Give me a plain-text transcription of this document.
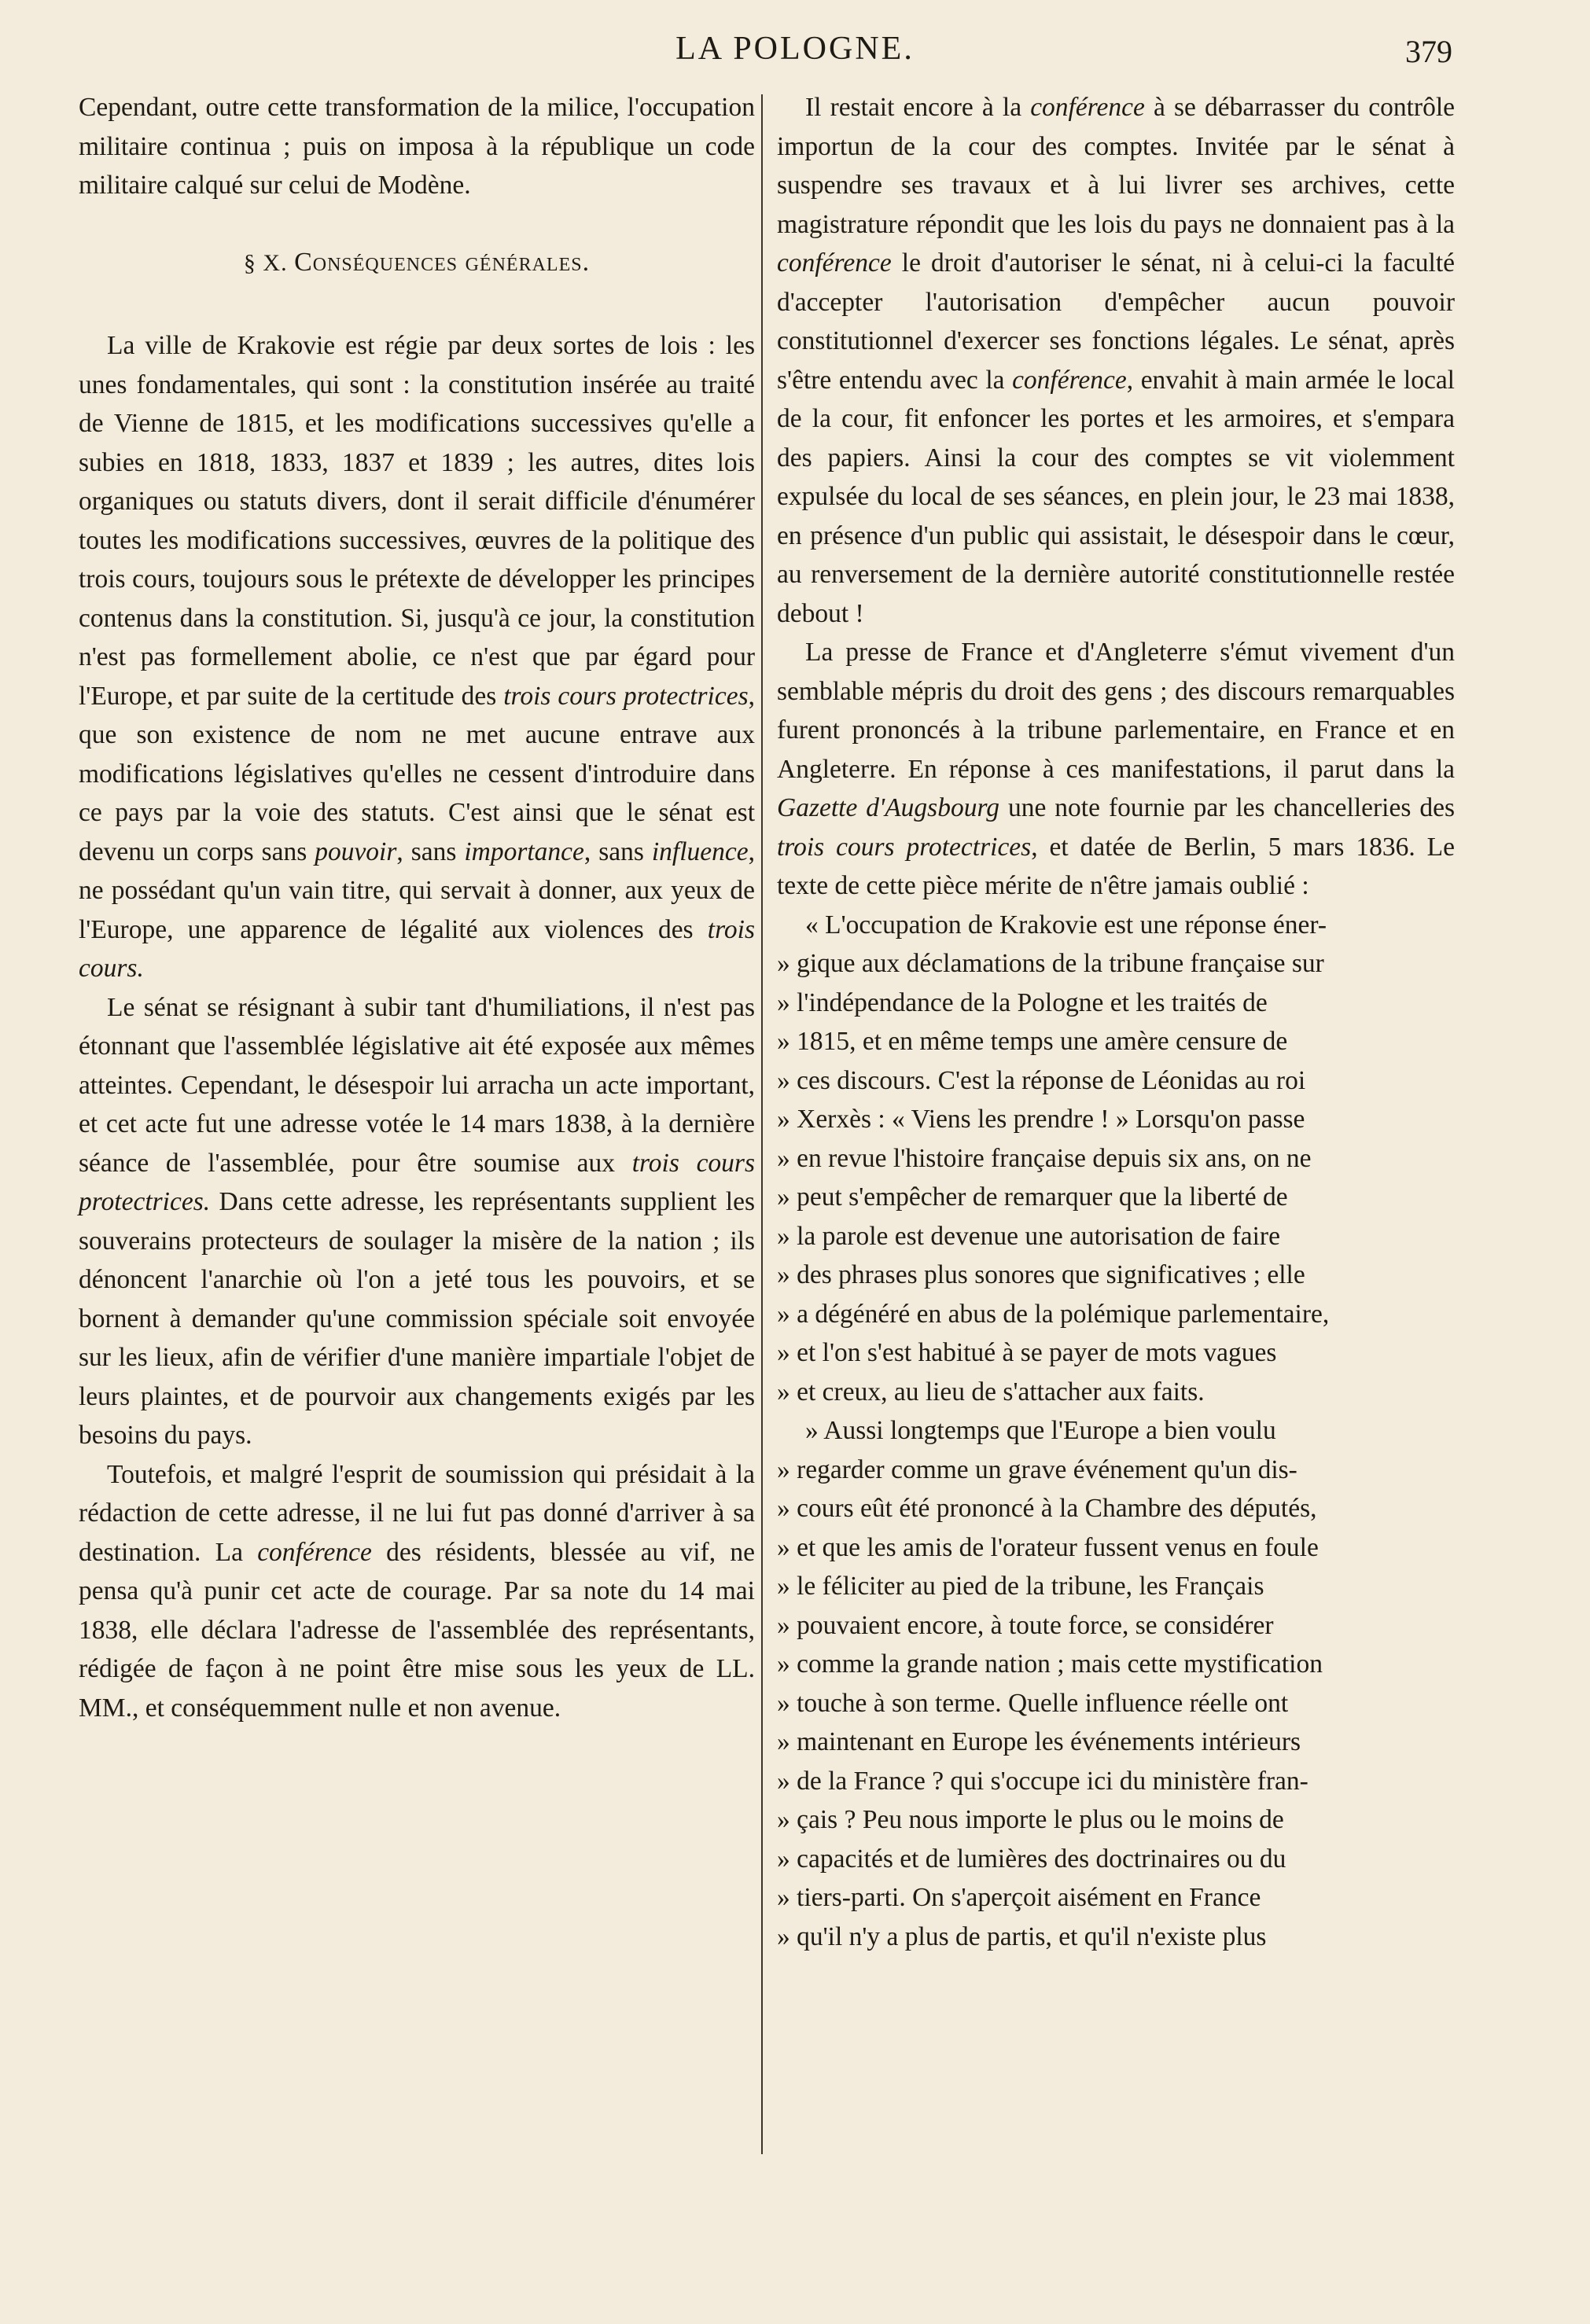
LA POLOGNE.	379

Cependant, outre cette transformation de la milice, l'occupation militaire continua ; puis on imposa à la république un code militaire calqué sur celui de Modène.

§ X. Conséquences générales.

La ville de Krakovie est régie par deux sortes de lois : les unes fondamentales, qui sont : la constitution insérée au traité de Vienne de 1815, et les modifications successives qu'elle a subies en 1818, 1833, 1837 et 1839 ; les autres, dites lois organiques ou statuts divers, dont il serait difficile d'énumérer toutes les modifications successives, œuvres de la politique des trois cours, toujours sous le prétexte de développer les principes contenus dans la constitution. Si, jusqu'à ce jour, la constitution n'est pas formellement abolie, ce n'est que par égard pour l'Europe, et par suite de la certitude des trois cours protectrices, que son existence de nom ne met aucune entrave aux modifications législatives qu'elles ne cessent d'introduire dans ce pays par la voie des statuts. C'est ainsi que le sénat est devenu un corps sans pouvoir, sans importance, sans influence, ne possédant qu'un vain titre, qui servait à donner, aux yeux de l'Europe, une apparence de légalité aux violences des trois cours.

Le sénat se résignant à subir tant d'humiliations, il n'est pas étonnant que l'assemblée législative ait été exposée aux mêmes atteintes. Cependant, le désespoir lui arracha un acte important, et cet acte fut une adresse votée le 14 mars 1838, à la dernière séance de l'assemblée, pour être soumise aux trois cours protectrices. Dans cette adresse, les représentants supplient les souverains protecteurs de soulager la misère de la nation ; ils dénoncent l'anarchie où l'on a jeté tous les pouvoirs, et se bornent à demander qu'une commission spéciale soit envoyée sur les lieux, afin de vérifier d'une manière impartiale l'objet de leurs plaintes, et de pourvoir aux changements exigés par les besoins du pays.

Toutefois, et malgré l'esprit de soumission qui présidait à la rédaction de cette adresse, il ne lui fut pas donné d'arriver à sa destination. La conférence des résidents, blessée au vif, ne pensa qu'à punir cet acte de courage. Par sa note du 14 mai 1838, elle déclara l'adresse de l'assemblée des représentants, rédigée de façon à ne point être mise sous les yeux de LL. MM., et conséquemment nulle et non avenue.

Il restait encore à la conférence à se débarrasser du contrôle importun de la cour des comptes. Invitée par le sénat à suspendre ses travaux et à lui livrer ses archives, cette magistrature répondit que les lois du pays ne donnaient pas à la conférence le droit d'autoriser le sénat, ni à celui-ci la faculté d'accepter l'autorisation d'empêcher aucun pouvoir constitutionnel d'exercer ses fonctions légales. Le sénat, après s'être entendu avec la conférence, envahit à main armée le local de la cour, fit enfoncer les portes et les armoires, et s'empara des papiers. Ainsi la cour des comptes se vit violemment expulsée du local de ses séances, en plein jour, le 23 mai 1838, en présence d'un public qui assistait, le désespoir dans le cœur, au renversement de la dernière autorité constitutionnelle restée debout !

La presse de France et d'Angleterre s'émut vivement d'un semblable mépris du droit des gens ; des discours remarquables furent prononcés à la tribune parlementaire, en France et en Angleterre. En réponse à ces manifestations, il parut dans la Gazette d'Augsbourg une note fournie par les chancelleries des trois cours protectrices, et datée de Berlin, 5 mars 1836. Le texte de cette pièce mérite de n'être jamais oublié :

« L'occupation de Krakovie est une réponse éner-
» gique aux déclamations de la tribune française sur
» l'indépendance de la Pologne et les traités de
» 1815, et en même temps une amère censure de
» ces discours. C'est la réponse de Léonidas au roi
» Xerxès : « Viens les prendre ! » Lorsqu'on passe
» en revue l'histoire française depuis six ans, on ne
» peut s'empêcher de remarquer que la liberté de
» la parole est devenue une autorisation de faire
» des phrases plus sonores que significatives ; elle
» a dégénéré en abus de la polémique parlementaire,
» et l'on s'est habitué à se payer de mots vagues
» et creux, au lieu de s'attacher aux faits.
» Aussi longtemps que l'Europe a bien voulu
» regarder comme un grave événement qu'un dis-
» cours eût été prononcé à la Chambre des députés,
» et que les amis de l'orateur fussent venus en foule
» le féliciter au pied de la tribune, les Français
» pouvaient encore, à toute force, se considérer
» comme la grande nation ; mais cette mystification
» touche à son terme. Quelle influence réelle ont
» maintenant en Europe les événements intérieurs
» de la France ? qui s'occupe ici du ministère fran-
» çais ? Peu nous importe le plus ou le moins de
» capacités et de lumières des doctrinaires ou du
» tiers-parti. On s'aperçoit aisément en France
» qu'il n'y a plus de partis, et qu'il n'existe plus
